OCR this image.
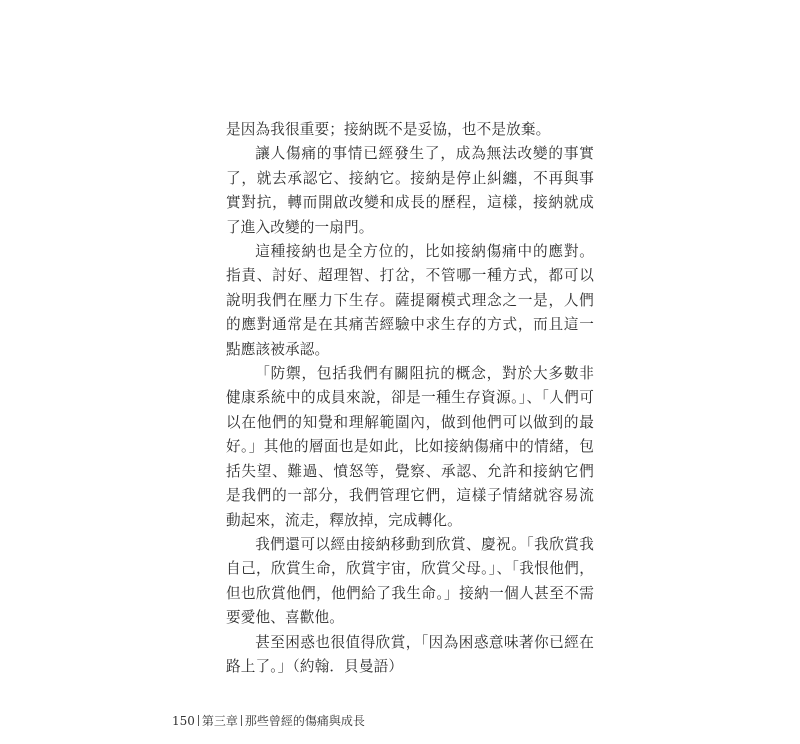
是因為我很重要；接納既不是妥協，也不是放棄。

讓人傷痛的事情已經發生了，成為無法改變的事實了，就去承認它、接納它。接納是停止糾纏，不再與事實對抗，轉而開啟改變和成長的歷程，這樣，接納就成了進入改變的一扇門。

這種接納也是全方位的，比如接納傷痛中的應對。指責、討好、超理智、打岔，不管哪一種方式，都可以說明我們在壓力下生存。薩提爾模式理念之一是，人們的應對通常是在其痛苦經驗中求生存的方式，而且這一點應該被承認。

「防禦，包括我們有關阻抗的概念，對於大多數非健康系統中的成員來說，卻是一種生存資源。」、「人們可以在他們的知覺和理解範圍內，做到他們可以做到的最好。」其他的層面也是如此，比如接納傷痛中的情緒，包括失望、難過、憤怒等，覺察、承認、允許和接納它們是我們的一部分，我們管理它們，這樣子情緒就容易流動起來，流走，釋放掉，完成轉化。

我們還可以經由接納移動到欣賞、慶祝。「我欣賞我自己，欣賞生命，欣賞宇宙，欣賞父母。」、「我恨他們，但也欣賞他們，他們給了我生命。」接納一個人甚至不需要愛他、喜歡他。

甚至困惑也很值得欣賞，「因為困惑意味著你已經在路上了。」（約翰．貝曼語）

150 第三章 那些曾經的傷痛與成長
